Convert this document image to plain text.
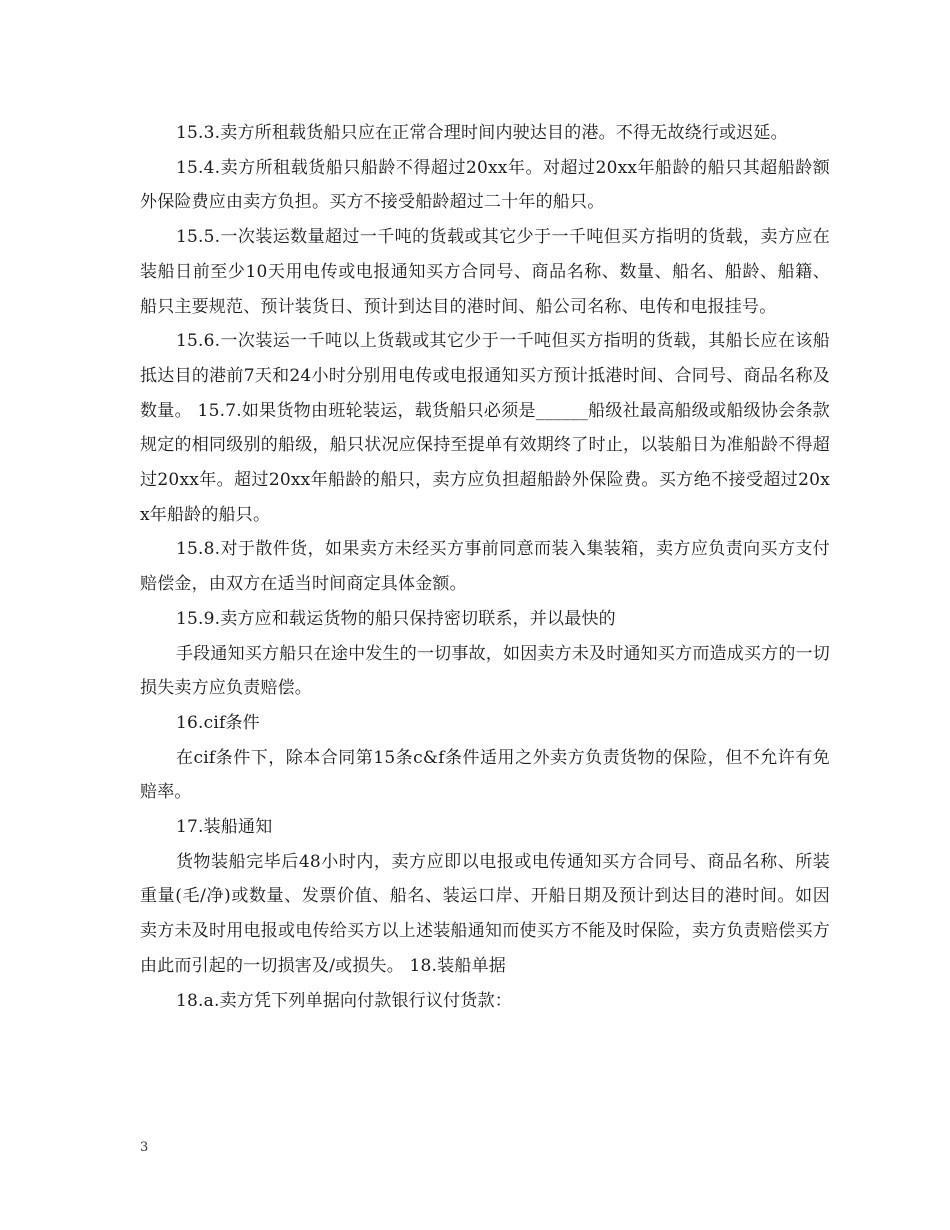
15.3.卖方所租载货船只应在正常合理时间内驶达目的港。不得无故绕行或迟延。

15.4.卖方所租载货船只船龄不得超过20xx年。对超过20xx年船龄的船只其超船龄额外保险费应由卖方负担。买方不接受船龄超过二十年的船只。

15.5.一次装运数量超过一千吨的货载或其它少于一千吨但买方指明的货载，卖方应在装船日前至少10天用电传或电报通知买方合同号、商品名称、数量、船名、船龄、船籍、船只主要规范、预计装货日、预计到达目的港时间、船公司名称、电传和电报挂号。

15.6.一次装运一千吨以上货载或其它少于一千吨但买方指明的货载，其船长应在该船抵达目的港前7天和24小时分别用电传或电报通知买方预计抵港时间、合同号、商品名称及数量。 15.7.如果货物由班轮装运，载货船只必须是______船级社最高船级或船级协会条款规定的相同级别的船级，船只状况应保持至提单有效期终了时止，以装船日为准船龄不得超过20xx年。超过20xx年船龄的船只，卖方应负担超船龄外保险费。买方绝不接受超过20xx年船龄的船只。

15.8.对于散件货，如果卖方未经买方事前同意而装入集装箱，卖方应负责向买方支付赔偿金，由双方在适当时间商定具体金额。

15.9.卖方应和载运货物的船只保持密切联系，并以最快的

手段通知买方船只在途中发生的一切事故，如因卖方未及时通知买方而造成买方的一切损失卖方应负责赔偿。

16.cif条件

在cif条件下，除本合同第15条c&f条件适用之外卖方负责货物的保险，但不允许有免赔率。

17.装船通知

货物装船完毕后48小时内，卖方应即以电报或电传通知买方合同号、商品名称、所装重量(毛/净)或数量、发票价值、船名、装运口岸、开船日期及预计到达目的港时间。如因卖方未及时用电报或电传给买方以上述装船通知而使买方不能及时保险，卖方负责赔偿买方由此而引起的一切损害及/或损失。 18.装船单据

18.a.卖方凭下列单据向付款银行议付货款：

3
